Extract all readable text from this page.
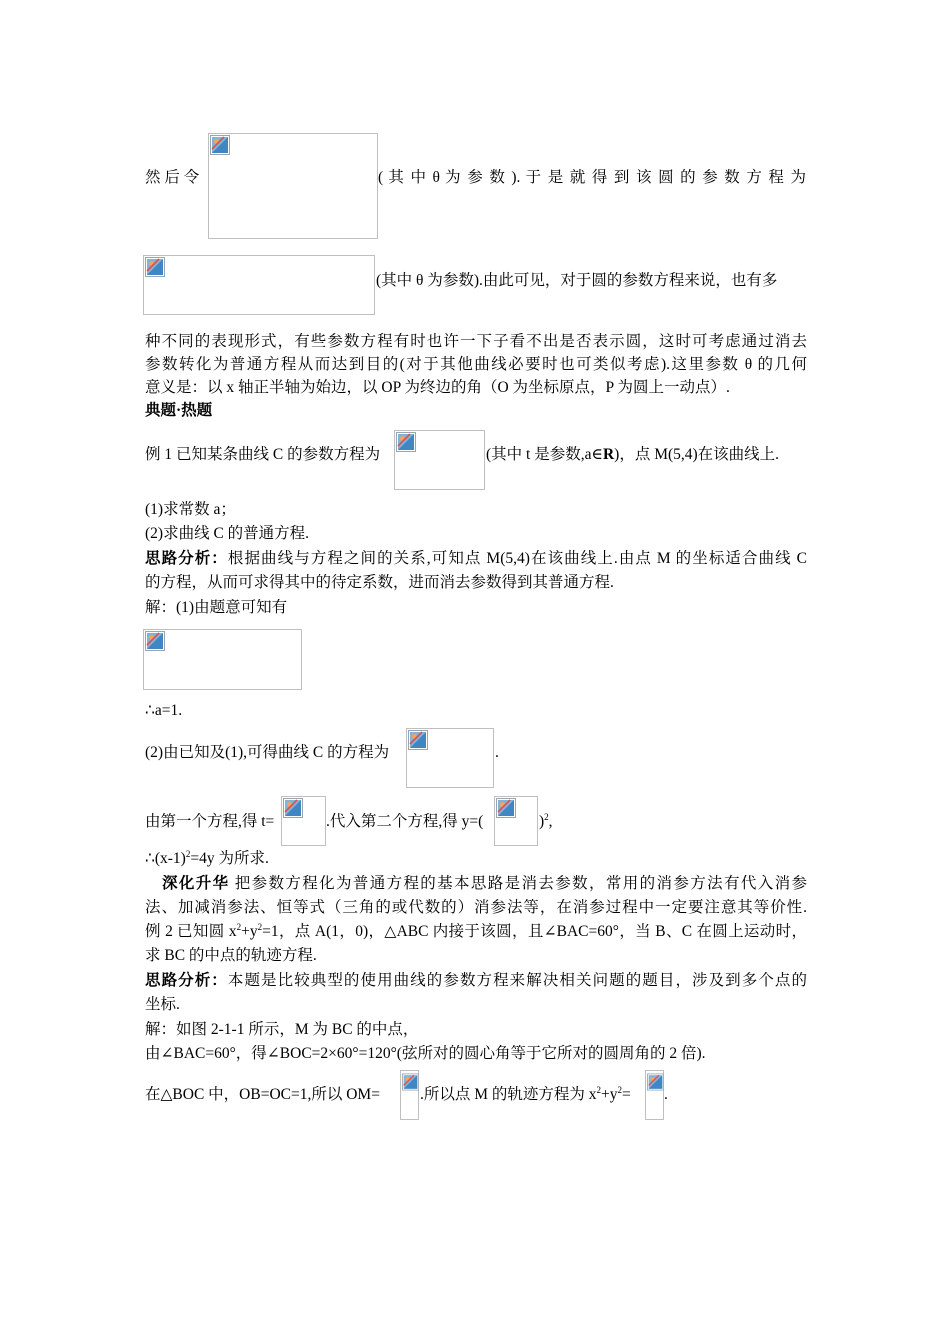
然 后 令	( 其 中 θ 为 参 数 ). 于 是 就 得 到 该 圆 的 参 数 方 程 为
(其中 θ 为参数).由此可见，对于圆的参数方程来说，也有多
种不同的表现形式，有些参数方程有时也许一下子看不出是否表示圆，这时可考虑通过消去
参数转化为普通方程从而达到目的(对于其他曲线必要时也可类似考虑).这里参数 θ 的几何
意义是：以 x 轴正半轴为始边，以 OP 为终边的角（O 为坐标原点，P 为圆上一动点）.
典题·热题
例 1 已知某条曲线 C 的参数方程为	(其中 t 是参数,a∈R)，点 M(5,4)在该曲线上.
(1)求常数 a；
(2)求曲线 C 的普通方程.
思路分析：根据曲线与方程之间的关系,可知点 M(5,4)在该曲线上.由点 M 的坐标适合曲线 C
的方程，从而可求得其中的待定系数，进而消去参数得到其普通方程.
解：(1)由题意可知有
∴a=1.
(2)由已知及(1),可得曲线 C 的方程为	.
由第一个方程,得 t=	.代入第二个方程,得 y=(	)$^2$,
$\therefore(x-1)^2=4y$ 为所求.
深化升华 把参数方程化为普通方程的基本思路是消去参数，常用的消参方法有代入消参
法、加减消参法、恒等式（三角的或代数的）消参法等，在消参过程中一定要注意其等价性.
例 2 已知圆 $x^2+y^2=1$，点 A(1，0)，△ABC 内接于该圆，且∠BAC=60°，当 B、C 在圆上运动时，
求 BC 的中点的轨迹方程.
思路分析：本题是比较典型的使用曲线的参数方程来解决相关问题的题目，涉及到多个点的
坐标.
解：如图 2-1-1 所示，M 为 BC 的中点，
由∠BAC=60°，得∠BOC=2×60°=120°(弦所对的圆心角等于它所对的圆周角的 2 倍).
在△BOC 中，OB=OC=1,所以 OM=	.所以点 M 的轨迹方程为 $x^2+y^2=$	.
